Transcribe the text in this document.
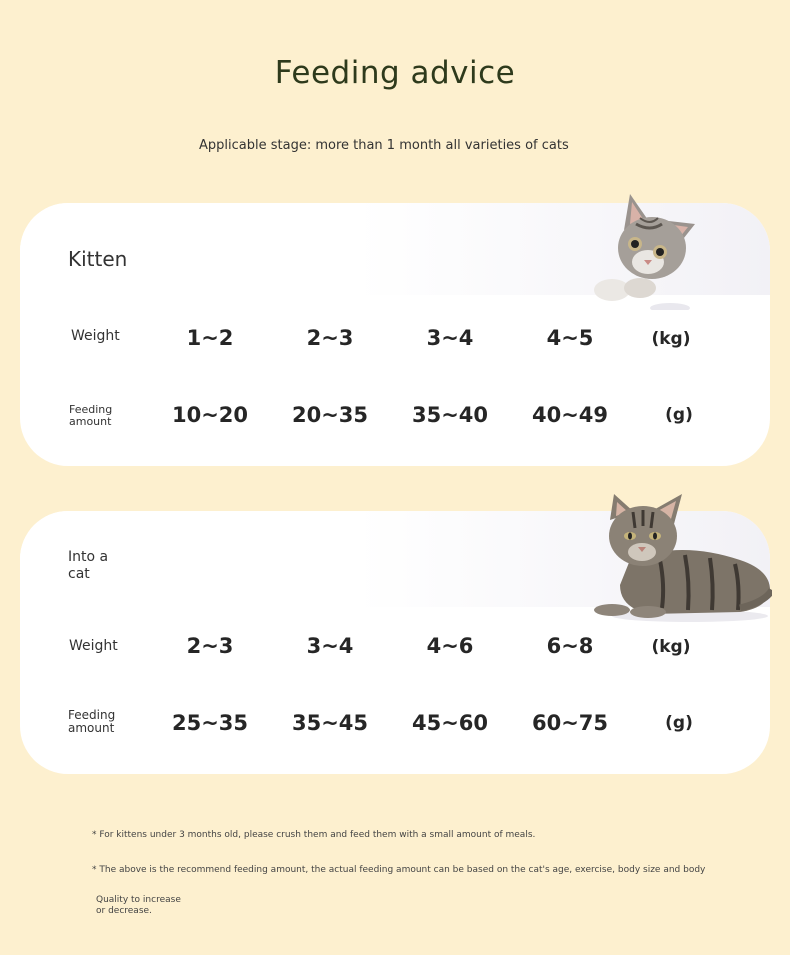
Feeding advice
Applicable stage: more than 1 month all varieties of cats
Kitten
Weight	1~2	2~3	3~4	4~5	(kg)
Feeding amount	10~20	20~35	35~40	40~49	(g)
Into a cat
Weight	2~3	3~4	4~6	6~8	(kg)
Feeding amount	25~35	35~45	45~60	60~75	(g)
* For kittens under 3 months old, please crush them and feed them with a small amount of meals.
* The above is the recommend feeding amount, the actual feeding amount can be based on the cat's age, exercise, body size and body
Quality to increase or decrease.
